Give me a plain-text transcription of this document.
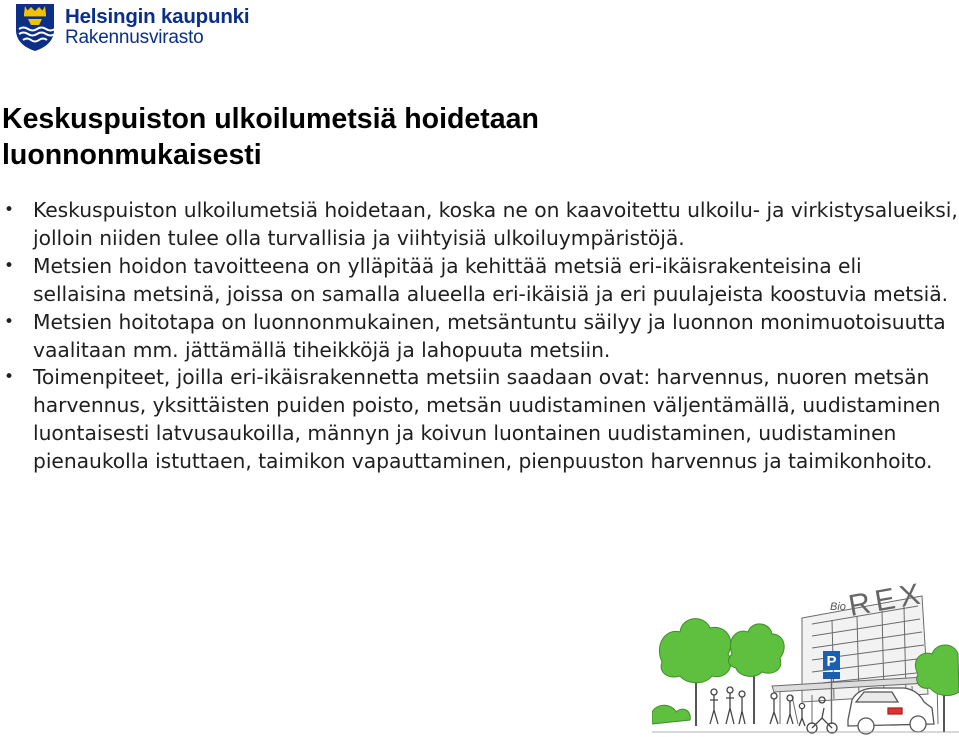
Helsingin kaupunki
Rakennusvirasto
Keskuspuiston ulkoilumetsiä hoidetaan luonnonmukaisesti
• Keskuspuiston ulkoilumetsiä hoidetaan, koska ne on kaavoitettu ulkoilu- ja virkistysalueiksi, jolloin niiden tulee olla turvallisia ja viihtyisiä ulkoiluympäristöjä.
• Metsien hoidon tavoitteena on ylläpitää ja kehittää metsiä eri-ikäisrakenteisina eli sellaisina metsinä, joissa on samalla alueella eri-ikäisiä ja eri puulajeista koostuvia metsiä.
• Metsien hoitotapa on luonnonmukainen, metsäntuntu säilyy ja luonnon monimuotoisuutta vaalitaan mm. jättämällä tiheikköjä ja lahopuuta metsiin.
• Toimenpiteet, joilla eri-ikäisrakennetta metsiin saadaan ovat: harvennus, nuoren metsän harvennus, yksittäisten puiden poisto, metsän uudistaminen väljentämällä, uudistaminen luontaisesti latvusaukoilla, männyn ja koivun luontainen uudistaminen, uudistaminen pienaukolla istuttaen, taimikon vapauttaminen, pienpuuston harvennus ja taimikonhoito.
Bio REX
P
